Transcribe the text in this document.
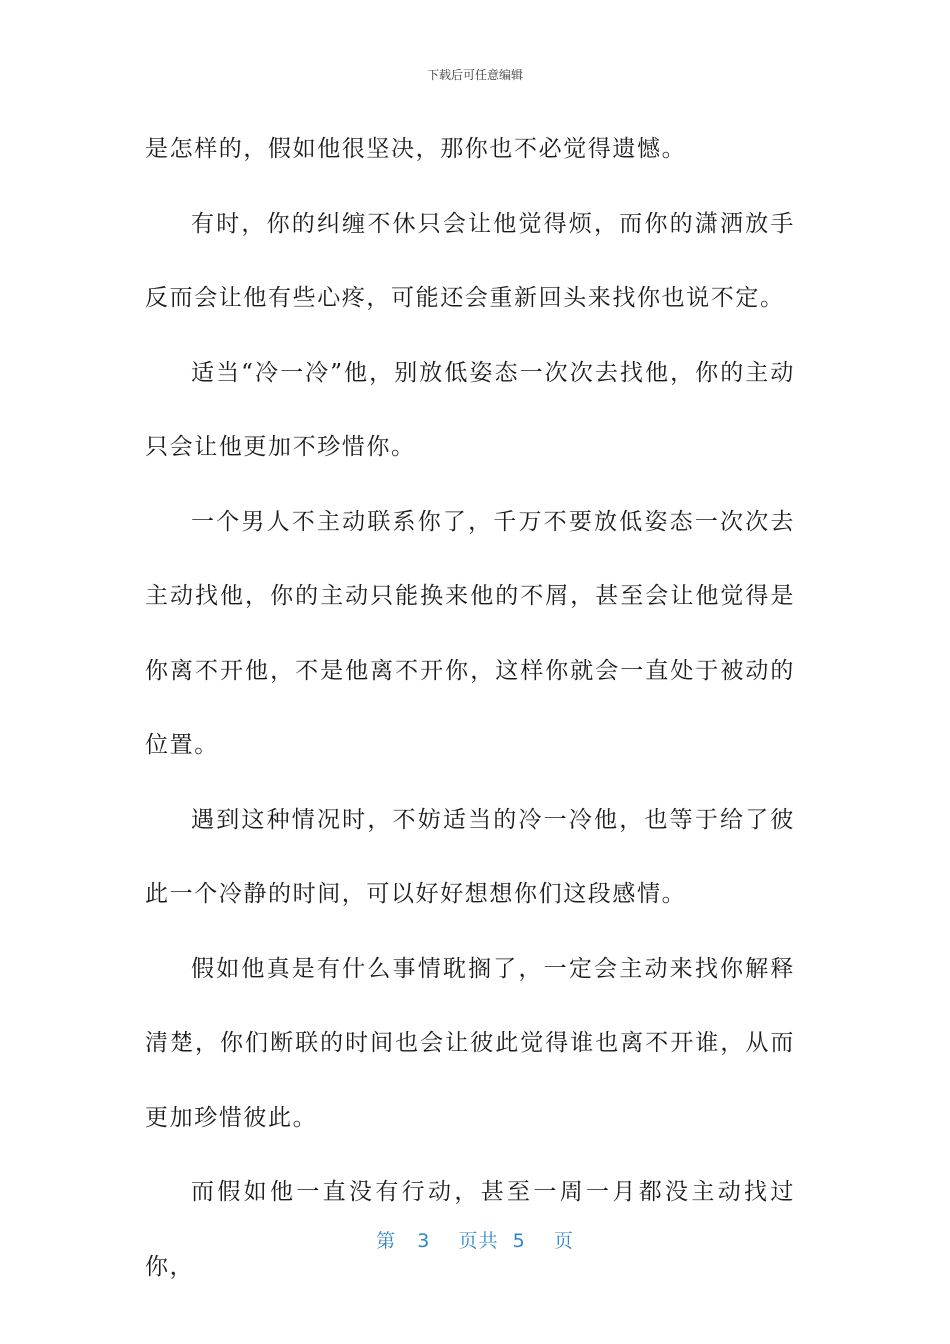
下载后可任意编辑

是怎样的，假如他很坚决，那你也不必觉得遗憾。

有时，你的纠缠不休只会让他觉得烦，而你的潇洒放手反而会让他有些心疼，可能还会重新回头来找你也说不定。

适当“冷一冷”他，别放低姿态一次次去找他，你的主动只会让他更加不珍惜你。

一个男人不主动联系你了，千万不要放低姿态一次次去主动找他，你的主动只能换来他的不屑，甚至会让他觉得是你离不开他，不是他离不开你，这样你就会一直处于被动的位置。

遇到这种情况时，不妨适当的冷一冷他，也等于给了彼此一个冷静的时间，可以好好想想你们这段感情。

假如他真是有什么事情耽搁了，一定会主动来找你解释清楚，你们断联的时间也会让彼此觉得谁也离不开谁，从而更加珍惜彼此。

而假如他一直没有行动，甚至一周一月都没主动找过你，

第 3 页共 5 页
